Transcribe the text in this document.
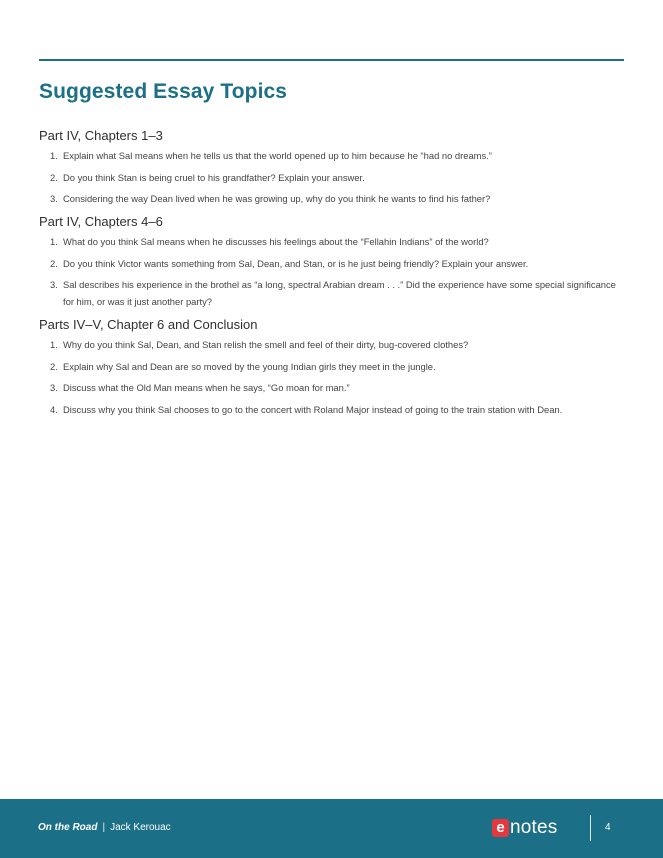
Suggested Essay Topics
Part IV, Chapters 1–3
1. Explain what Sal means when he tells us that the world opened up to him because he “had no dreams.”
2. Do you think Stan is being cruel to his grandfather? Explain your answer.
3. Considering the way Dean lived when he was growing up, why do you think he wants to find his father?
Part IV, Chapters 4–6
1. What do you think Sal means when he discusses his feelings about the “Fellahin Indians” of the world?
2. Do you think Victor wants something from Sal, Dean, and Stan, or is he just being friendly? Explain your answer.
3. Sal describes his experience in the brothel as “a long, spectral Arabian dream . . .” Did the experience have some special significance for him, or was it just another party?
Parts IV–V, Chapter 6 and Conclusion
1. Why do you think Sal, Dean, and Stan relish the smell and feel of their dirty, bug-covered clothes?
2. Explain why Sal and Dean are so moved by the young Indian girls they meet in the jungle.
3. Discuss what the Old Man means when he says, “Go moan for man.”
4. Discuss why you think Sal chooses to go to the concert with Roland Major instead of going to the train station with Dean.
On the Road | Jack Kerouac	e notes	4
